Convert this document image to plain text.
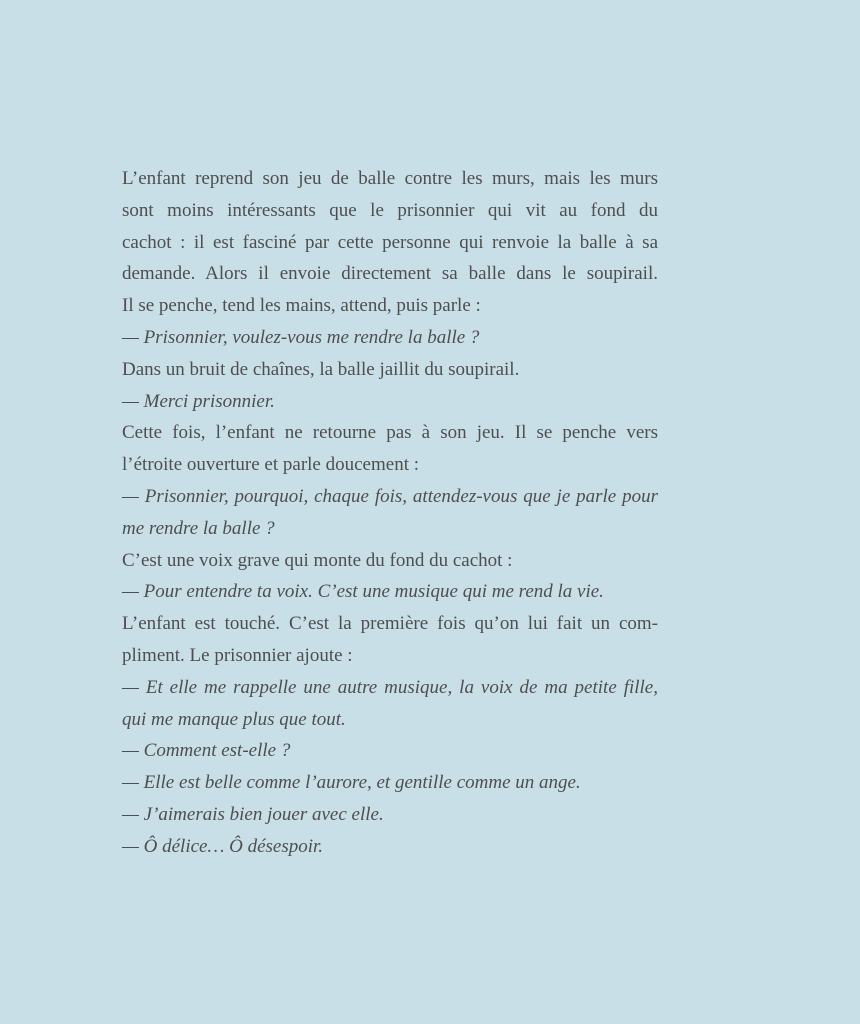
L’enfant reprend son jeu de balle contre les murs, mais les murs
sont moins intéressants que le prisonnier qui vit au fond du
cachot : il est fasciné par cette personne qui renvoie la balle à sa
demande. Alors il envoie directement sa balle dans le soupirail.
Il se penche, tend les mains, attend, puis parle :
— Prisonnier, voulez-vous me rendre la balle ?
Dans un bruit de chaînes, la balle jaillit du soupirail.
— Merci prisonnier.
Cette fois, l’enfant ne retourne pas à son jeu. Il se penche vers
l’étroite ouverture et parle doucement :
— Prisonnier, pourquoi, chaque fois, attendez-vous que je parle pour
me rendre la balle ?
C’est une voix grave qui monte du fond du cachot :
— Pour entendre ta voix. C’est une musique qui me rend la vie.
L’enfant est touché. C’est la première fois qu’on lui fait un com-
pliment. Le prisonnier ajoute :
— Et elle me rappelle une autre musique, la voix de ma petite fille,
qui me manque plus que tout.
— Comment est-elle ?
— Elle est belle comme l’aurore, et gentille comme un ange.
— J’aimerais bien jouer avec elle.
— Ô délice… Ô désespoir.
